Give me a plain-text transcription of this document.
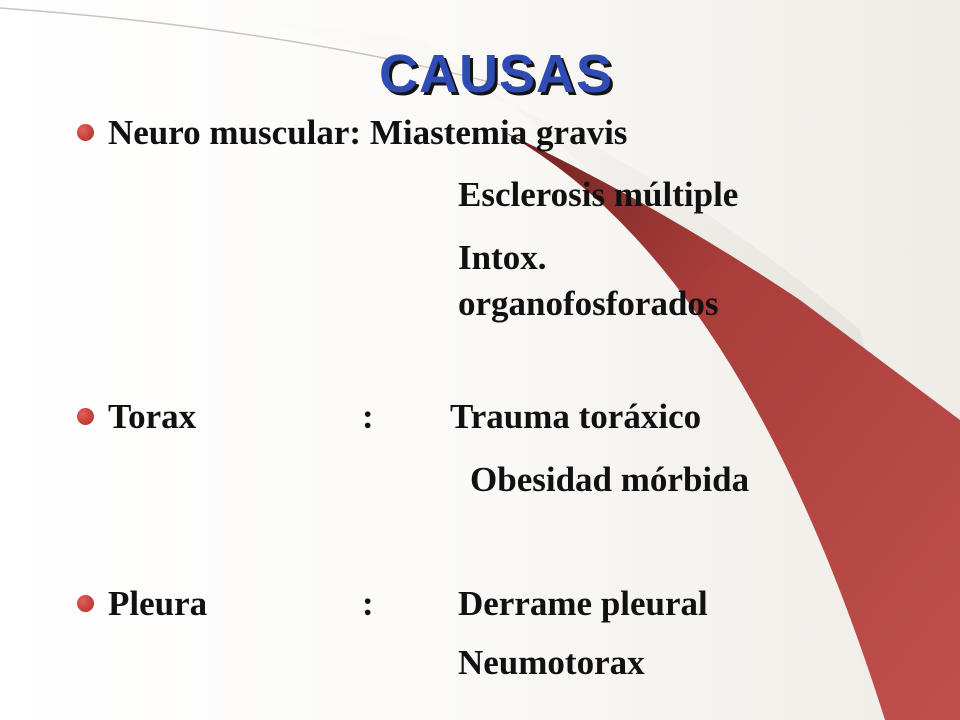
CAUSAS
Neuro muscular: Miastemia gravis
Esclerosis múltiple
Intox.
organofosforados
Torax	: Trauma toráxico
Obesidad mórbida
Pleura	: Derrame pleural
Neumotorax
